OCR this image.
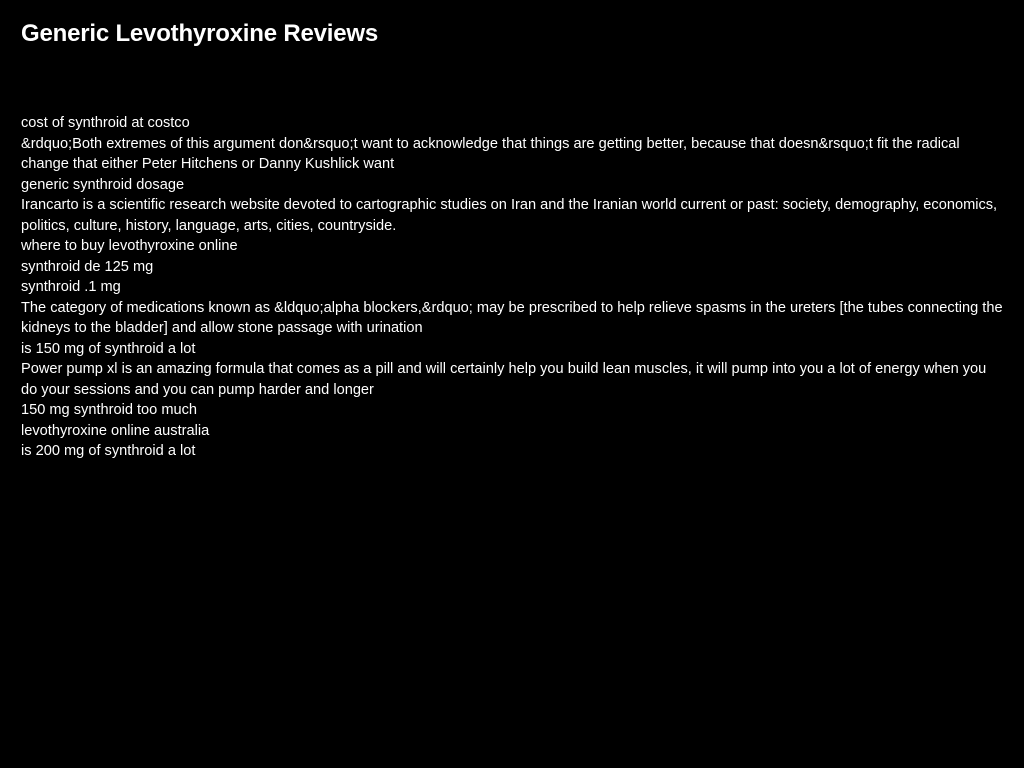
Generic Levothyroxine Reviews
cost of synthroid at costco
&rdquo;Both extremes of this argument don&rsquo;t want to acknowledge that things are getting better, because that doesn&rsquo;t fit the radical change that either Peter Hitchens or Danny Kushlick want
generic synthroid dosage
Irancarto is a scientific research website devoted to cartographic studies on Iran and the Iranian world current or past: society, demography, economics, politics, culture, history, language, arts, cities, countryside.
where to buy levothyroxine online
synthroid de 125 mg
synthroid .1 mg
The category of medications known as &ldquo;alpha blockers,&rdquo; may be prescribed to help relieve spasms in the ureters [the tubes connecting the kidneys to the bladder] and allow stone passage with urination
is 150 mg of synthroid a lot
Power pump xl is an amazing formula that comes as a pill and will certainly help you build lean muscles, it will pump into you a lot of energy when you do your sessions and you can pump harder and longer
150 mg synthroid too much
levothyroxine online australia
is 200 mg of synthroid a lot
